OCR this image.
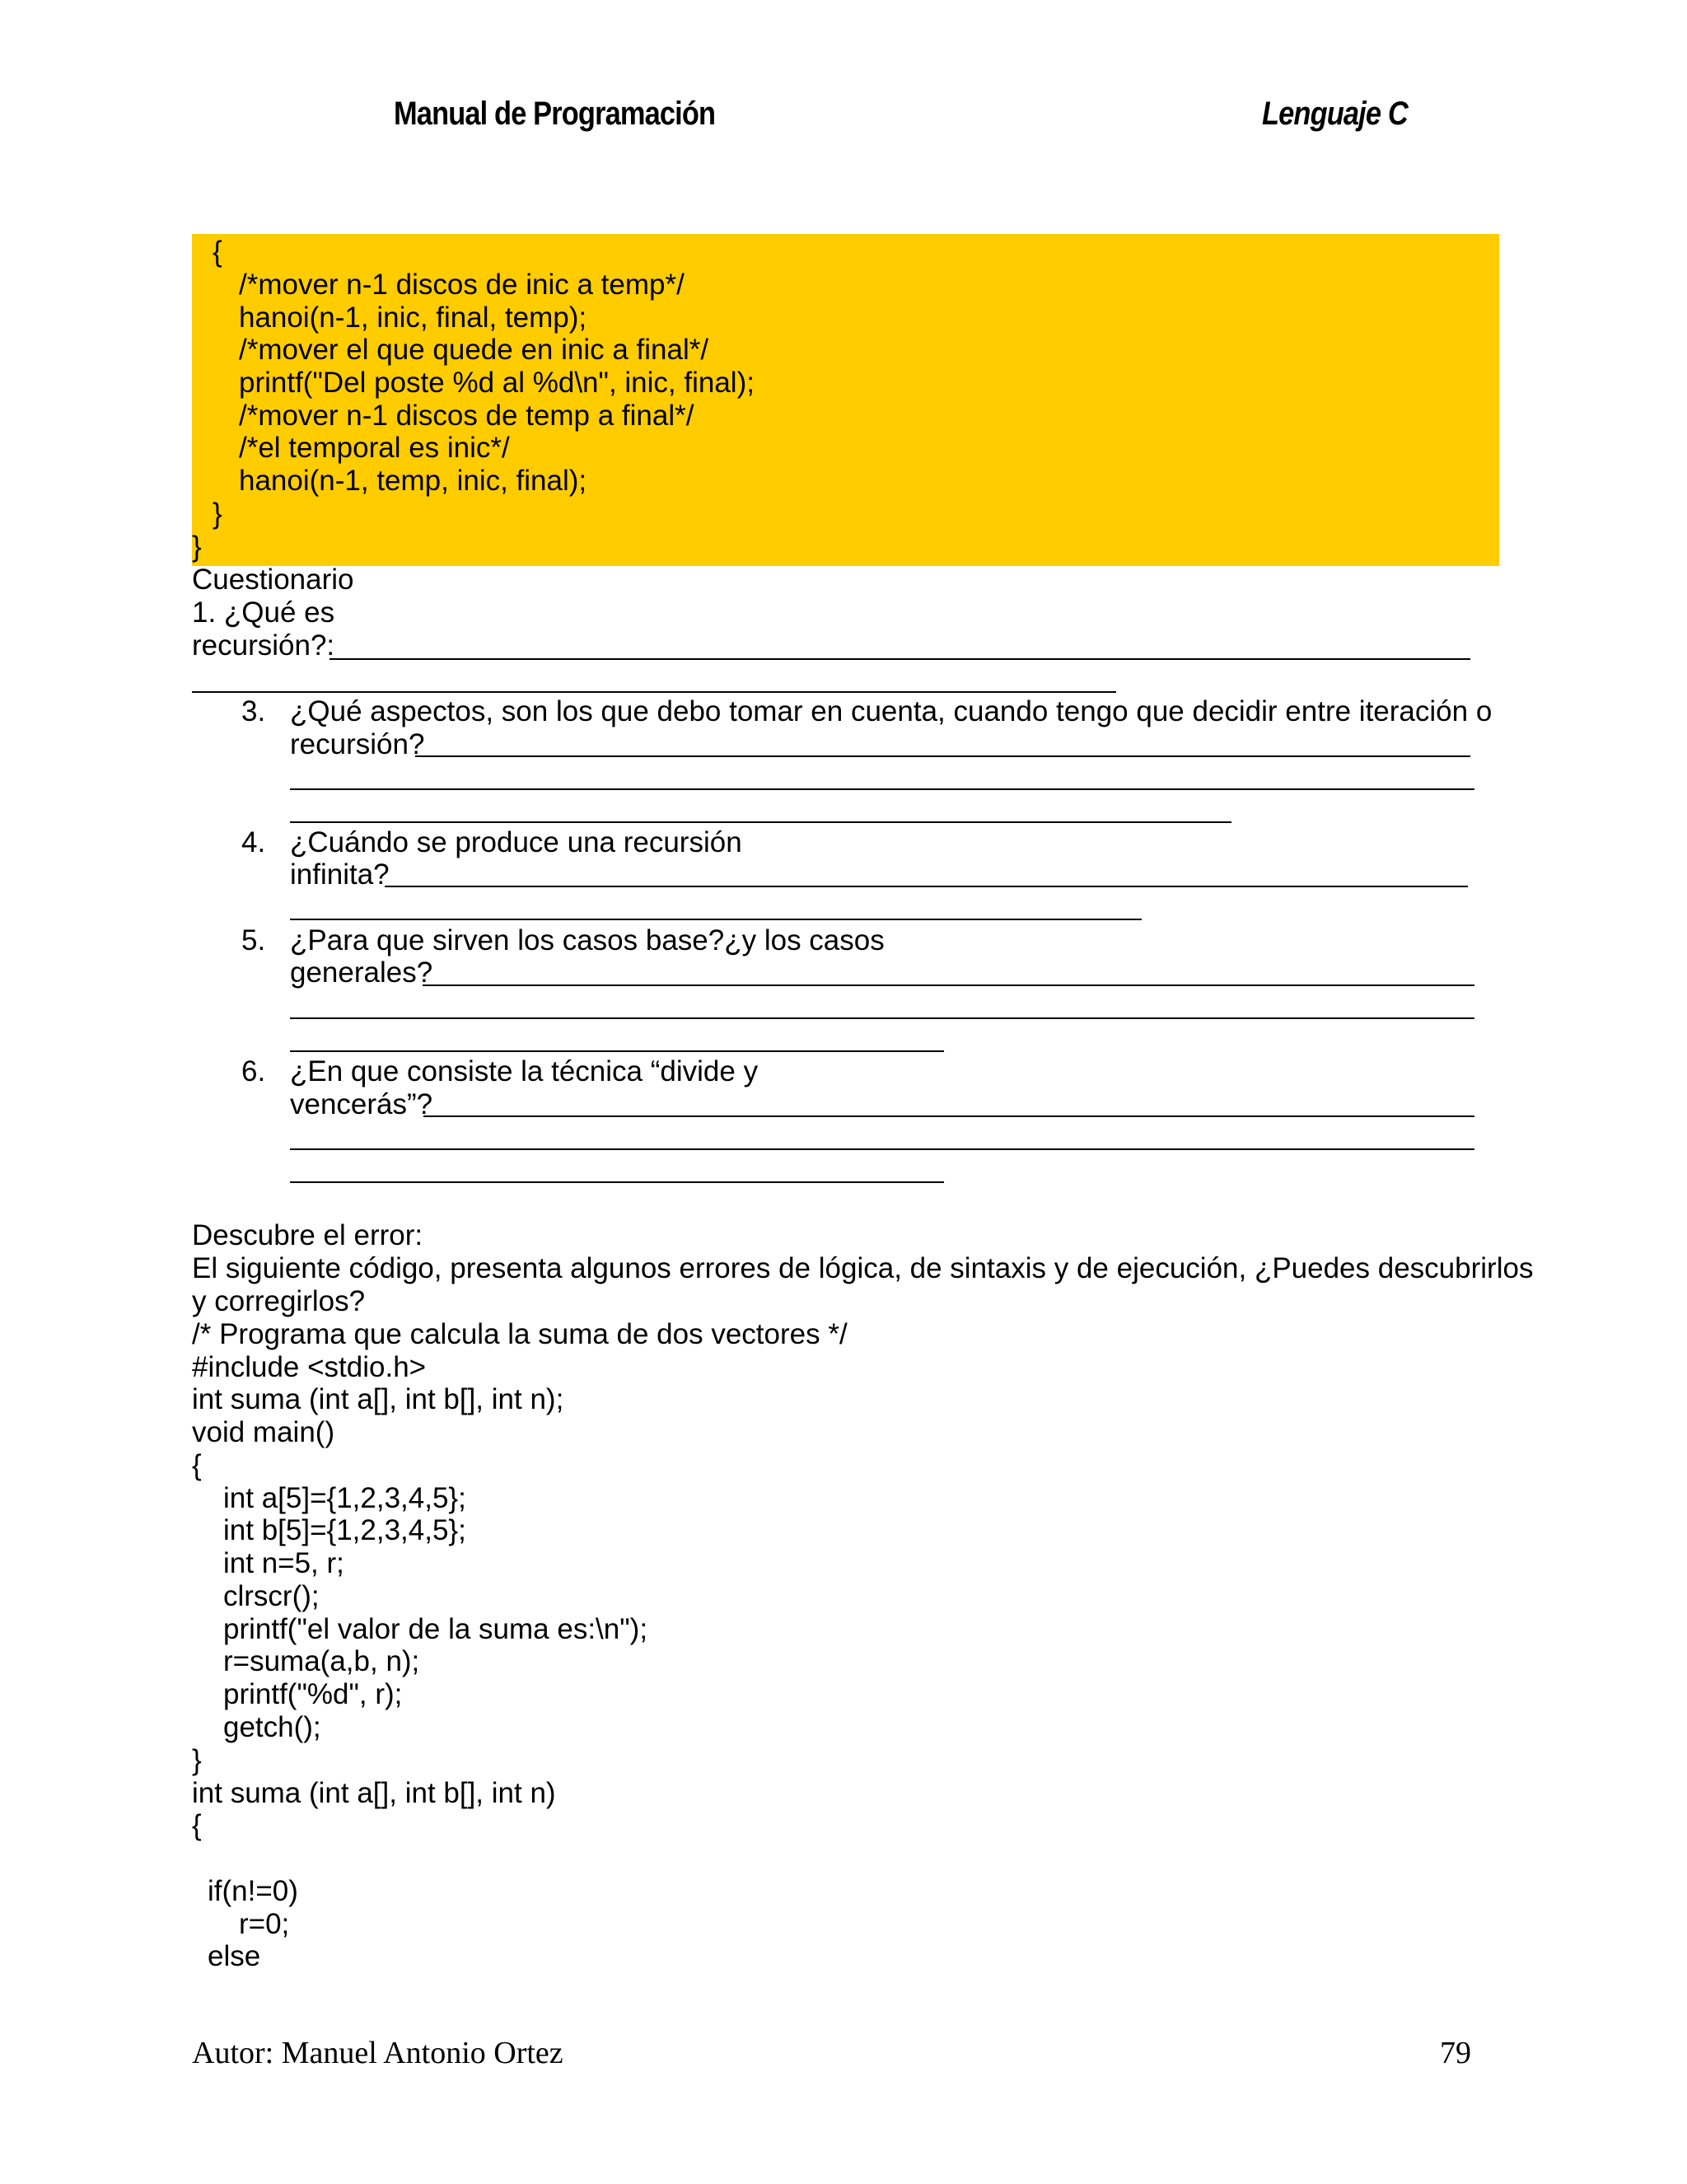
Manual de Programación	Lenguaje C
{
/*mover n-1 discos de inic a temp*/
hanoi(n-1, inic, final, temp);
/*mover el que quede en inic a final*/
printf("Del poste %d al %d\n", inic, final);
/*mover n-1 discos de temp a final*/
/*el temporal es inic*/
hanoi(n-1, temp, inic, final);
}
}
Cuestionario
1. ¿Qué es
recursión?:
3. ¿Qué aspectos, son los que debo tomar en cuenta, cuando tengo que decidir entre iteración o
recursión?
4. ¿Cuándo se produce una recursión
infinita?
5. ¿Para que sirven los casos base?¿y los casos
generales?
6. ¿En que consiste la técnica “divide y
vencerás”?
Descubre el error:
El siguiente código, presenta algunos errores de lógica, de sintaxis y de ejecución, ¿Puedes descubrirlos
y corregirlos?
/* Programa que calcula la suma de dos vectores */
#include <stdio.h>
int suma (int a[], int b[], int n);
void main()
{
int a[5]={1,2,3,4,5};
int b[5]={1,2,3,4,5};
int n=5, r;
clrscr();
printf("el valor de la suma es:\n");
r=suma(a,b, n);
printf("%d", r);
getch();
}
int suma (int a[], int b[], int n)
{
if(n!=0)
r=0;
else
Autor: Manuel Antonio Ortez	79
